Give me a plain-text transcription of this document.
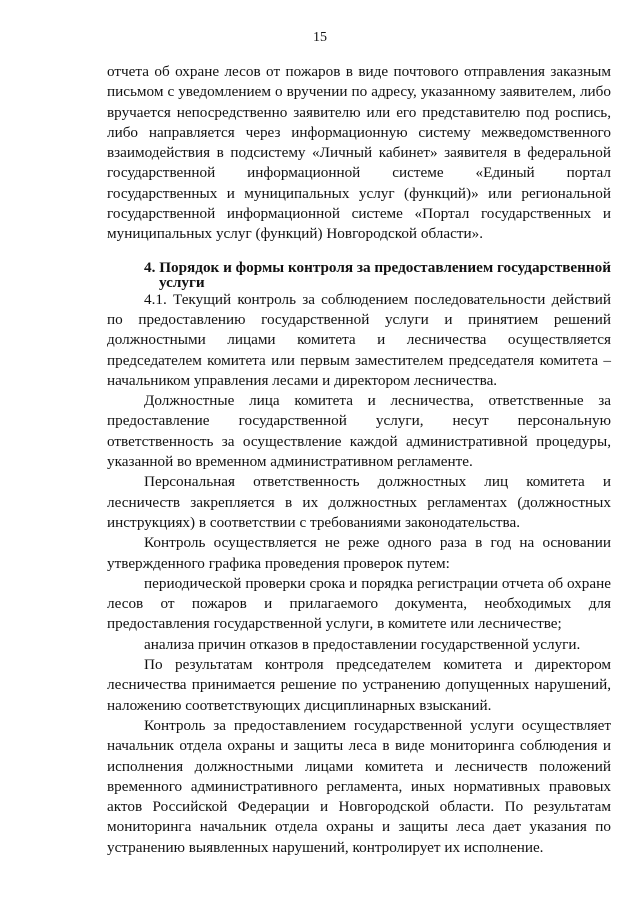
15

отчета об охране лесов от пожаров в виде почтового отправления заказным письмом с уведомлением о вручении по адресу, указанному заявителем, либо вручается непосредственно заявителю или его представителю под роспись, либо направляется через информационную систему межведомственного взаимодействия в подсистему «Личный кабинет» заявителя в федеральной государственной информационной системе «Единый портал государственных и муниципальных услуг (функций)» или региональной государственной информационной системе «Портал государственных и муниципальных услуг (функций) Новгородской области».

4. Порядок и формы контроля за предоставлением государственной
услуги

4.1. Текущий контроль за соблюдением последовательности действий по предоставлению государственной услуги и принятием решений должностными лицами комитета и лесничества осуществляется председателем комитета или первым заместителем председателя комитета – начальником управления лесами и директором лесничества.

Должностные лица комитета и лесничества, ответственные за предоставление государственной услуги, несут персональную ответственность за осуществление каждой административной процедуры, указанной во временном административном регламенте.

Персональная ответственность должностных лиц комитета и лесничеств закрепляется в их должностных регламентах (должностных инструкциях) в соответствии с требованиями законодательства.

Контроль осуществляется не реже одного раза в год на основании утвержденного графика проведения проверок путем:

периодической проверки срока и порядка регистрации отчета об охране лесов от пожаров и прилагаемого документа, необходимых для предоставления государственной услуги, в комитете или лесничестве;

анализа причин отказов в предоставлении государственной услуги.

По результатам контроля председателем комитета и директором лесничества принимается решение по устранению допущенных нарушений, наложению соответствующих дисциплинарных взысканий.

Контроль за предоставлением государственной услуги осуществляет начальник отдела охраны и защиты леса в виде мониторинга соблюдения и исполнения должностными лицами комитета и лесничеств положений временного административного регламента, иных нормативных правовых актов Российской Федерации и Новгородской области. По результатам мониторинга начальник отдела охраны и защиты леса дает указания по устранению выявленных нарушений, контролирует их исполнение.
